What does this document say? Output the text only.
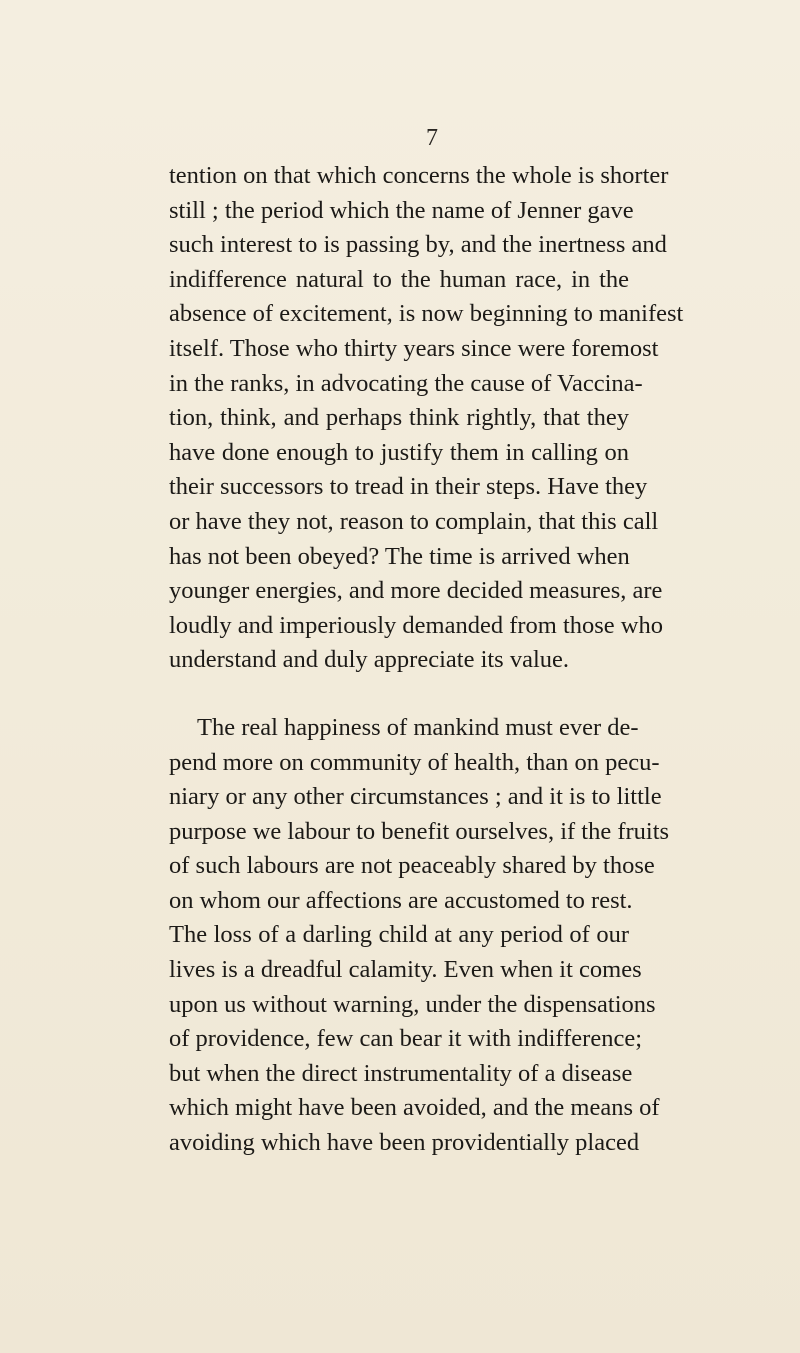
7
tention on that which concerns the whole is shorter
still ; the period which the name of Jenner gave
such interest to is passing by, and the inertness and
indifference natural to the human race, in the
absence of excitement, is now beginning to manifest
itself. Those who thirty years since were foremost
in the ranks, in advocating the cause of Vaccina-
tion, think, and perhaps think rightly, that they
have done enough to justify them in calling on
their successors to tread in their steps. Have they
or have they not, reason to complain, that this call
has not been obeyed? The time is arrived when
younger energies, and more decided measures, are
loudly and imperiously demanded from those who
understand and duly appreciate its value.
The real happiness of mankind must ever de-
pend more on community of health, than on pecu-
niary or any other circumstances ; and it is to little
purpose we labour to benefit ourselves, if the fruits
of such labours are not peaceably shared by those
on whom our affections are accustomed to rest.
The loss of a darling child at any period of our
lives is a dreadful calamity. Even when it comes
upon us without warning, under the dispensations
of providence, few can bear it with indifference;
but when the direct instrumentality of a disease
which might have been avoided, and the means of
avoiding which have been providentially placed
